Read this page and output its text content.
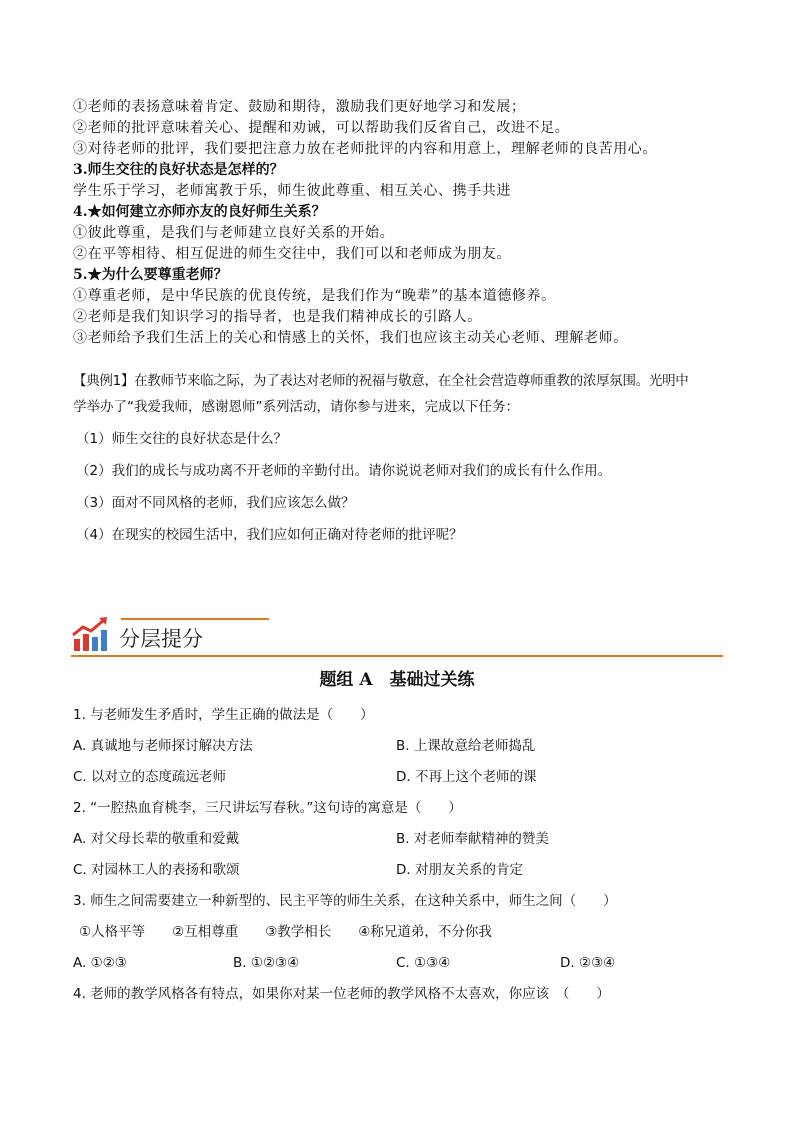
①老师的表扬意味着肯定、鼓励和期待，激励我们更好地学习和发展；
②老师的批评意味着关心、提醒和劝诫，可以帮助我们反省自己，改进不足。
③对待老师的批评，我们要把注意力放在老师批评的内容和用意上，理解老师的良苦用心。
3.师生交往的良好状态是怎样的？
学生乐于学习，老师寓教于乐，师生彼此尊重、相互关心、携手共进
4.★如何建立亦师亦友的良好师生关系？
①彼此尊重，是我们与老师建立良好关系的开始。
②在平等相待、相互促进的师生交往中，我们可以和老师成为朋友。
5.★为什么要尊重老师？
①尊重老师，是中华民族的优良传统，是我们作为“晚辈”的基本道德修养。
②老师是我们知识学习的指导者，也是我们精神成长的引路人。
③老师给予我们生活上的关心和情感上的关怀，我们也应该主动关心老师、理解老师。
【典例1】在教师节来临之际，为了表达对老师的祝福与敬意，在全社会营造尊师重教的浓厚氛围。光明中
学举办了“我爱我师，感谢恩师”系列活动，请你参与进来，完成以下任务：
（1）师生交往的良好状态是什么？
（2）我们的成长与成功离不开老师的辛勤付出。请你说说老师对我们的成长有什么作用。
（3）面对不同风格的老师，我们应该怎么做？
（4）在现实的校园生活中，我们应如何正确对待老师的批评呢？
分层提分
题组 A　基础过关练
1. 与老师发生矛盾时，学生正确的做法是（　　）
A. 真诚地与老师探讨解决方法	B. 上课故意给老师捣乱
C. 以对立的态度疏远老师	D. 不再上这个老师的课
2. “一腔热血育桃李，三尺讲坛写春秋。”这句诗的寓意是（　　）
A. 对父母长辈的敬重和爱戴	B. 对老师奉献精神的赞美
C. 对园林工人的表扬和歌颂	D. 对朋友关系的肯定
3. 师生之间需要建立一种新型的、民主平等的师生关系，在这种关系中，师生之间（　　）
①人格平等　　②互相尊重　　③教学相长　　④称兄道弟，不分你我
A. ①②③	B. ①②③④	C. ①③④	D. ②③④
4. 老师的教学风格各有特点，如果你对某一位老师的教学风格不太喜欢，你应该　（　　）
